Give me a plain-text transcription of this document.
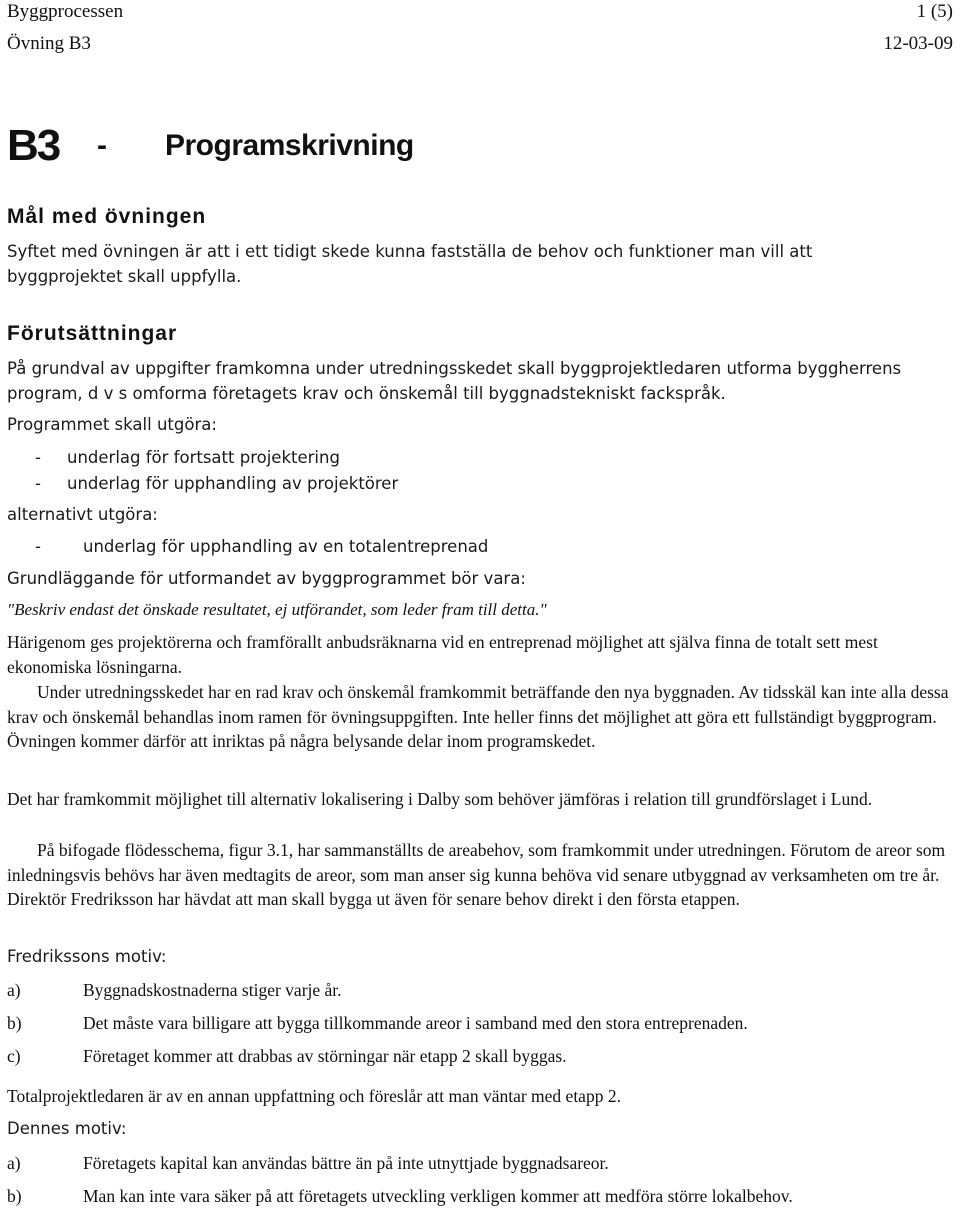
Byggprocessen	1 (5)
Övning B3	12-03-09
B3 - Programskrivning
Mål med övningen
Syftet med övningen är att i ett tidigt skede kunna fastställa de behov och funktioner man vill att byggprojektet skall uppfylla.
Förutsättningar
På grundval av uppgifter framkomna under utredningsskedet skall byggprojektledaren utforma byggherrens program, d v s omforma företagets krav och önskemål till byggnadstekniskt fackspråk.
Programmet skall utgöra:
-	underlag för fortsatt projektering
-	underlag för upphandling av projektörer
alternativt utgöra:
-	underlag för upphandling av en totalentreprenad
Grundläggande för utformandet av byggprogrammet bör vara:
"Beskriv endast det önskade resultatet, ej utförandet, som leder fram till detta."
Härigenom ges projektörerna och framförallt anbudsräknarna vid en entreprenad möjlighet att själva finna de totalt sett mest ekonomiska lösningarna.
Under utredningsskedet har en rad krav och önskemål framkommit beträffande den nya byggnaden. Av tidsskäl kan inte alla dessa krav och önskemål behandlas inom ramen för övningsuppgiften. Inte heller finns det möjlighet att göra ett fullständigt byggprogram. Övningen kommer därför att inriktas på några belysande delar inom programskedet.
Det har framkommit möjlighet till alternativ lokalisering i Dalby som behöver jämföras i relation till grundförslaget i Lund.
På bifogade flödesschema, figur 3.1, har sammanställts de areabehov, som framkommit under utredningen. Förutom de areor som inledningsvis behövs har även medtagits de areor, som man anser sig kunna behöva vid senare utbyggnad av verksamheten om tre år. Direktör Fredriksson har hävdat att man skall bygga ut även för senare behov direkt i den första etappen.
Fredrikssons motiv:
a)	Byggnadskostnaderna stiger varje år.
b)	Det måste vara billigare att bygga tillkommande areor i samband med den stora entreprenaden.
c)	Företaget kommer att drabbas av störningar när etapp 2 skall byggas.
Totalprojektledaren är av en annan uppfattning och föreslår att man väntar med etapp 2.
Dennes motiv:
a)	Företagets kapital kan användas bättre än på inte utnyttjade byggnadsareor.
b)	Man kan inte vara säker på att företagets utveckling verkligen kommer att medföra större lokalbehov.
